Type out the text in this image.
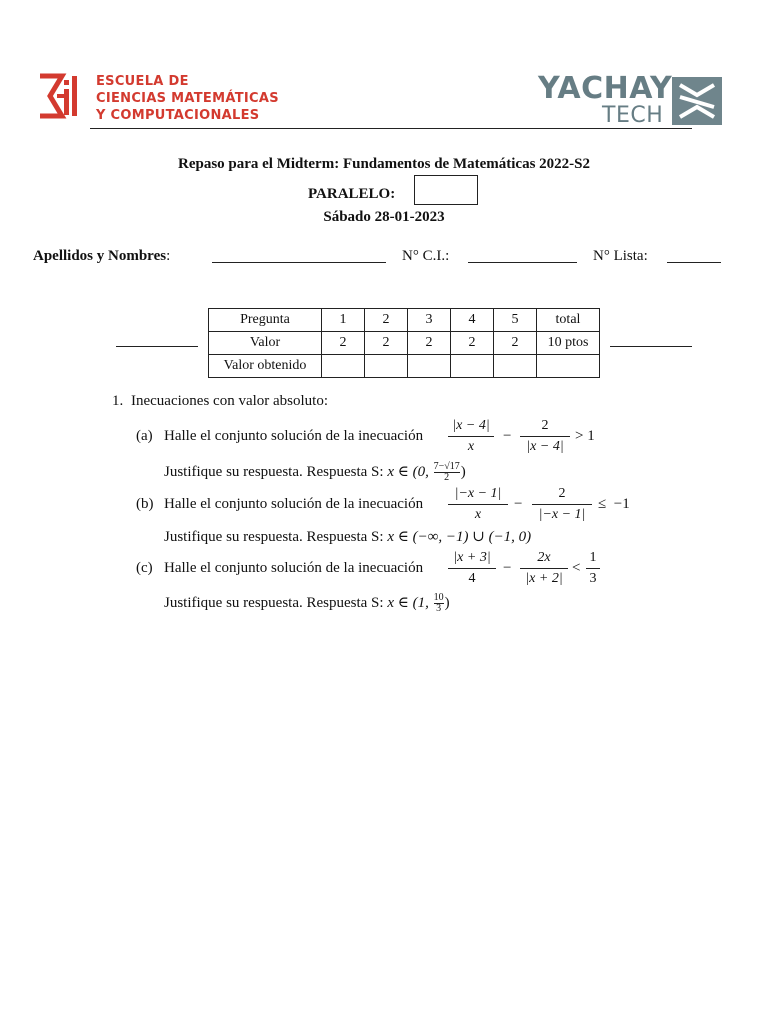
ESCUELA DE
CIENCIAS MATEMÁTICAS
Y COMPUTACIONALES
YACHAY
TECH
Repaso para el Midterm: Fundamentos de Matemáticas 2022-S2
PARALELO:
Sábado 28-01-2023
Apellidos y Nombres:	N° C.I.:	N° Lista:
Pregunta	1	2	3	4	5	total
Valor	2	2	2	2	2	10 ptos
Valor obtenido						
1. Inecuaciones con valor absoluto:
(a) Halle el conjunto solución de la inecuación
|x − 4|
x
−
2
|x − 4|
> 1
Justifique su respuesta. Respuesta S: x ∈ (0, $\frac{7-√17}{2}$)
(b) Halle el conjunto solución de la inecuación
|−x − 1|
x
−
2
|−x − 1|
≤  −1
Justifique su respuesta. Respuesta S: x ∈ (−∞, −1) ∪ (−1, 0)
(c) Halle el conjunto solución de la inecuación
|x + 3|
4
−
2x
|x + 2|
<
1
3
Justifique su respuesta. Respuesta S: x ∈ (1, $\frac{10}{3}$)
